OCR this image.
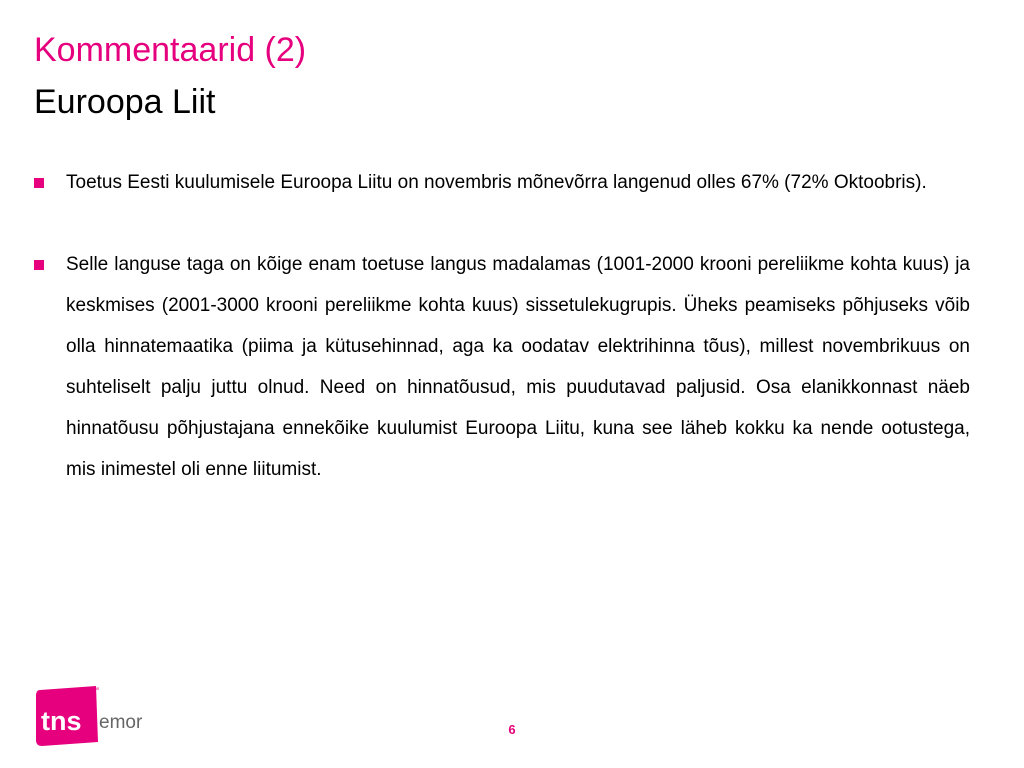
Kommentaarid (2)
Euroopa Liit
Toetus Eesti kuulumisele Euroopa Liitu on novembris mõnevõrra langenud olles 67% (72% Oktoobris).
Selle languse taga on kõige enam toetuse langus madalamas (1001-2000 krooni pereliikme kohta kuus) ja keskmises (2001-3000 krooni pereliikme kohta kuus) sissetulekugrupis. Üheks peamiseks põhjuseks võib olla hinnatemaatika (piima ja kütusehinnad, aga ka oodatav elektrihinna tõus), millest novembrikuus on suhteliselt palju juttu olnud. Need on hinnatõusud, mis puudutavad paljusid. Osa elanikkonnast näeb hinnatõusu põhjustajana ennekõike kuulumist Euroopa Liitu, kuna see läheb kokku ka nende ootustega, mis inimestel oli enne liitumist.
tns
™
emor	6
